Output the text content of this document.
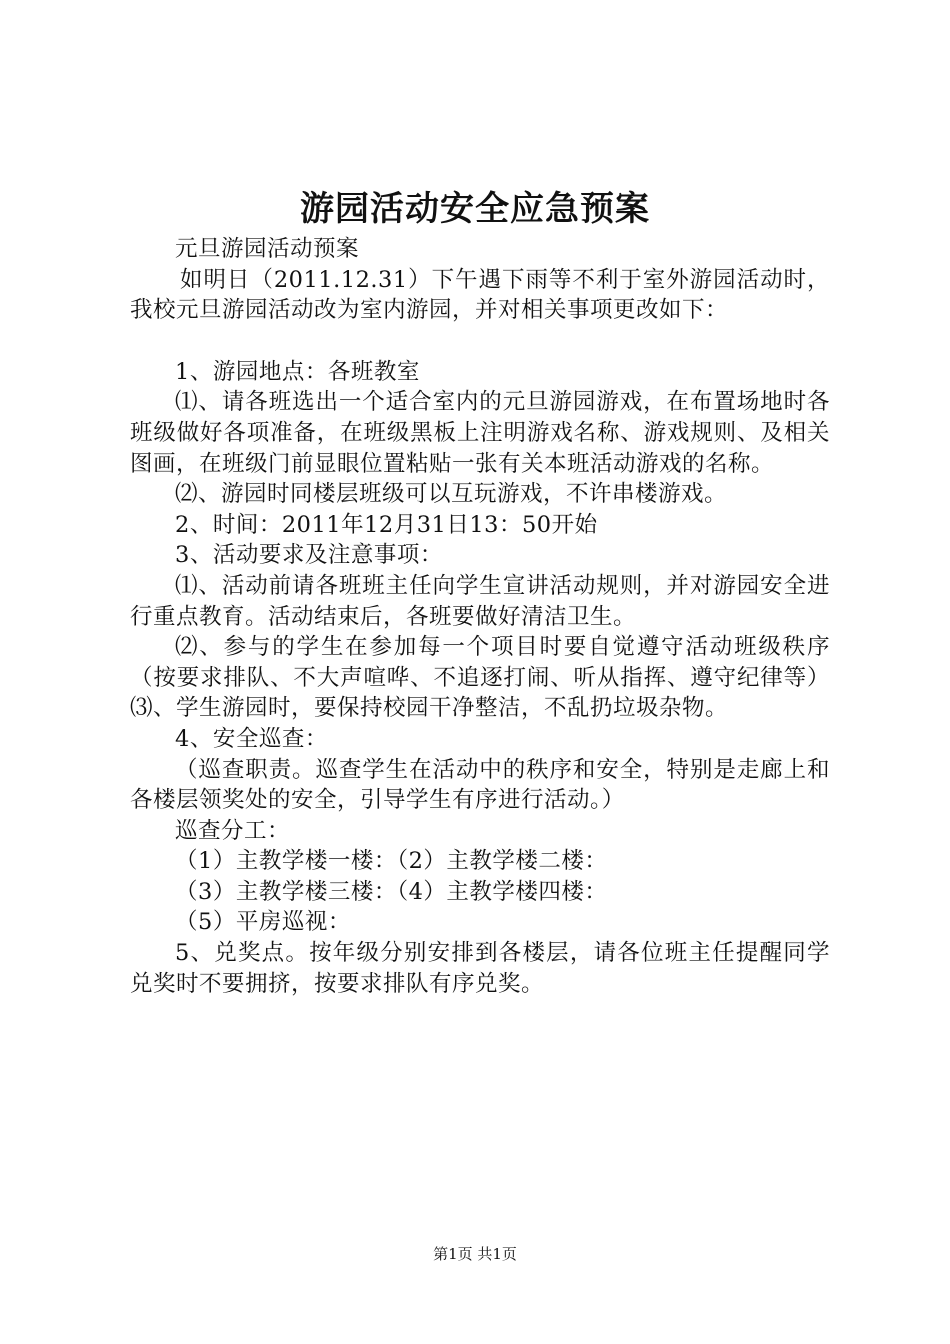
游园活动安全应急预案

元旦游园活动预案

如明日（2011.12.31）下午遇下雨等不利于室外游园活动时，我校元旦游园活动改为室内游园，并对相关事项更改如下：

1、游园地点：各班教室

⑴、请各班选出一个适合室内的元旦游园游戏，在布置场地时各班级做好各项准备，在班级黑板上注明游戏名称、游戏规则、及相关图画，在班级门前显眼位置粘贴一张有关本班活动游戏的名称。

⑵、游园时同楼层班级可以互玩游戏，不许串楼游戏。

2、时间：2011年12月31日13：50开始

3、活动要求及注意事项：

⑴、活动前请各班班主任向学生宣讲活动规则，并对游园安全进行重点教育。活动结束后，各班要做好清洁卫生。

⑵、参与的学生在参加每一个项目时要自觉遵守活动班级秩序（按要求排队、不大声喧哗、不追逐打闹、听从指挥、遵守纪律等）⑶、学生游园时，要保持校园干净整洁，不乱扔垃圾杂物。

4、安全巡查：

（巡查职责。巡查学生在活动中的秩序和安全，特别是走廊上和各楼层领奖处的安全，引导学生有序进行活动。）

巡查分工：

（1）主教学楼一楼：（2）主教学楼二楼：

（3）主教学楼三楼：（4）主教学楼四楼：

（5）平房巡视：

5、兑奖点。按年级分别安排到各楼层，请各位班主任提醒同学兑奖时不要拥挤，按要求排队有序兑奖。

第1页 共1页
